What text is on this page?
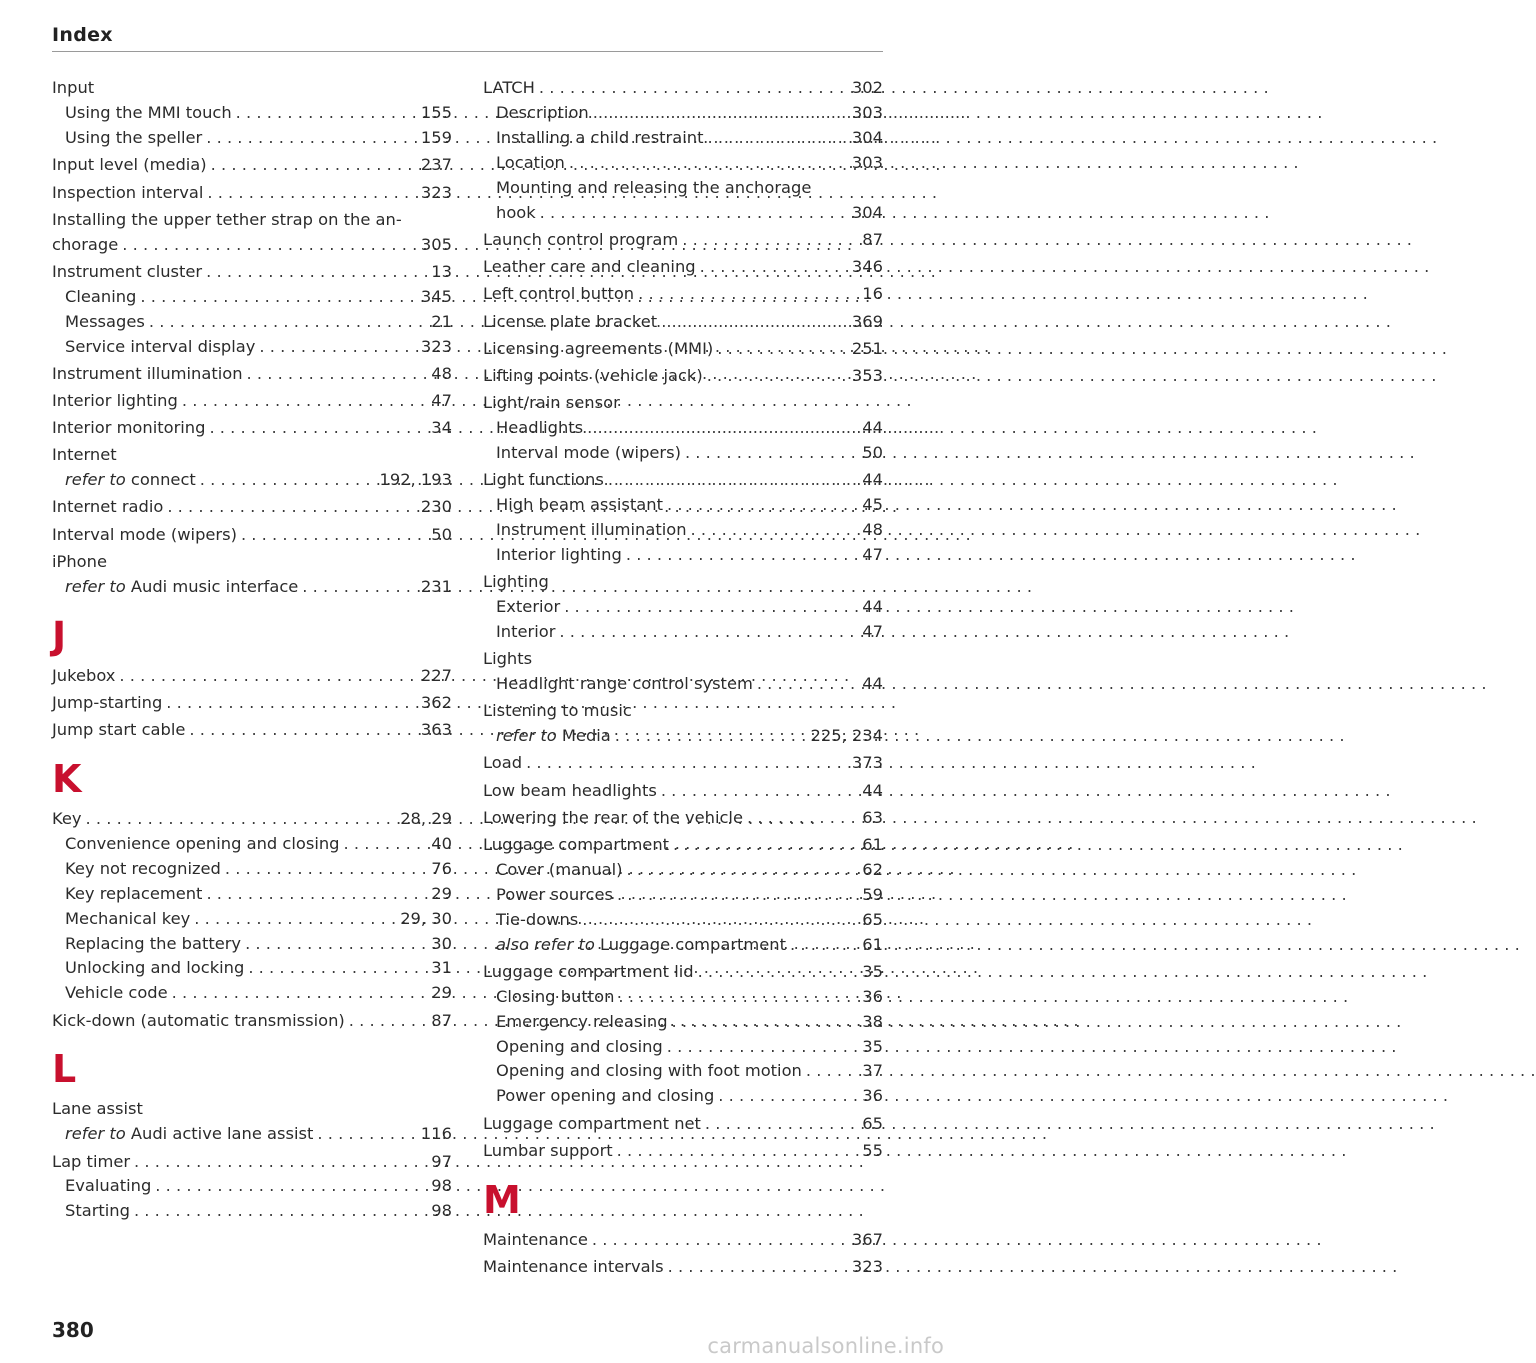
Index
Input
Using the MMI touch . . .	155
Using the speller . . .	159
Input level (media) . . .	237
Inspection interval . . .	323
Installing the upper tether strap on the an-
chorage . . .	305
Instrument cluster . . .	13
Cleaning . . .	345
Messages . . .	21
Service interval display . . .	323
Instrument illumination . . .	48
Interior lighting . . .	47
Interior monitoring . . .	34
Internet
refer to connect . . .	192, 193
Internet radio . . .	230
Interval mode (wipers) . . .	50
iPhone
refer to Audi music interface . . .	231
J
Jukebox . . .	227
Jump-starting . . .	362
Jump start cable . . .	363
K
Key . . .	28, 29
Convenience opening and closing . . .	40
Key not recognized . . .	76
Key replacement . . .	29
Mechanical key . . .	29, 30
Replacing the battery . . .	30
Unlocking and locking . . .	31
Vehicle code . . .	29
Kick-down (automatic transmission) . . .	87
L
Lane assist
refer to Audi active lane assist . . .	116
Lap timer . . .	97
Evaluating . . .	98
Starting . . .	98
LATCH . . .	302
Description . . .	303
Installing a child restraint . . .	304
Location . . .	303
Mounting and releasing the anchorage
hook . . .	304
Launch control program . . .	87
Leather care and cleaning . . .	346
Left control button . . .	16
License plate bracket . . .	369
Licensing agreements (MMI) . . .	251
Lifting points (vehicle jack) . . .	353
Light/rain sensor
Headlights . . .	44
Interval mode (wipers) . . .	50
Light functions . . .	44
High beam assistant . . .	45
Instrument illumination . . .	48
Interior lighting . . .	47
Lighting
Exterior . . .	44
Interior . . .	47
Lights
Headlight range control system . . .	44
Listening to music
refer to Media . . .	225, 234
Load . . .	373
Low beam headlights . . .	44
Lowering the rear of the vehicle . . .	63
Luggage compartment . . .	61
Cover (manual) . . .	62
Power sources . . .	59
Tie-downs . . .	65
also refer to Luggage compartment . . .	61
Luggage compartment lid . . .	35
Closing button . . .	36
Emergency releasing . . .	38
Opening and closing . . .	35
Opening and closing with foot motion . . .	37
Power opening and closing . . .	36
Luggage compartment net . . .	65
Lumbar support . . .	55
M
Maintenance . . .	367
Maintenance intervals . . .	323
380
carmanualsonline.info
